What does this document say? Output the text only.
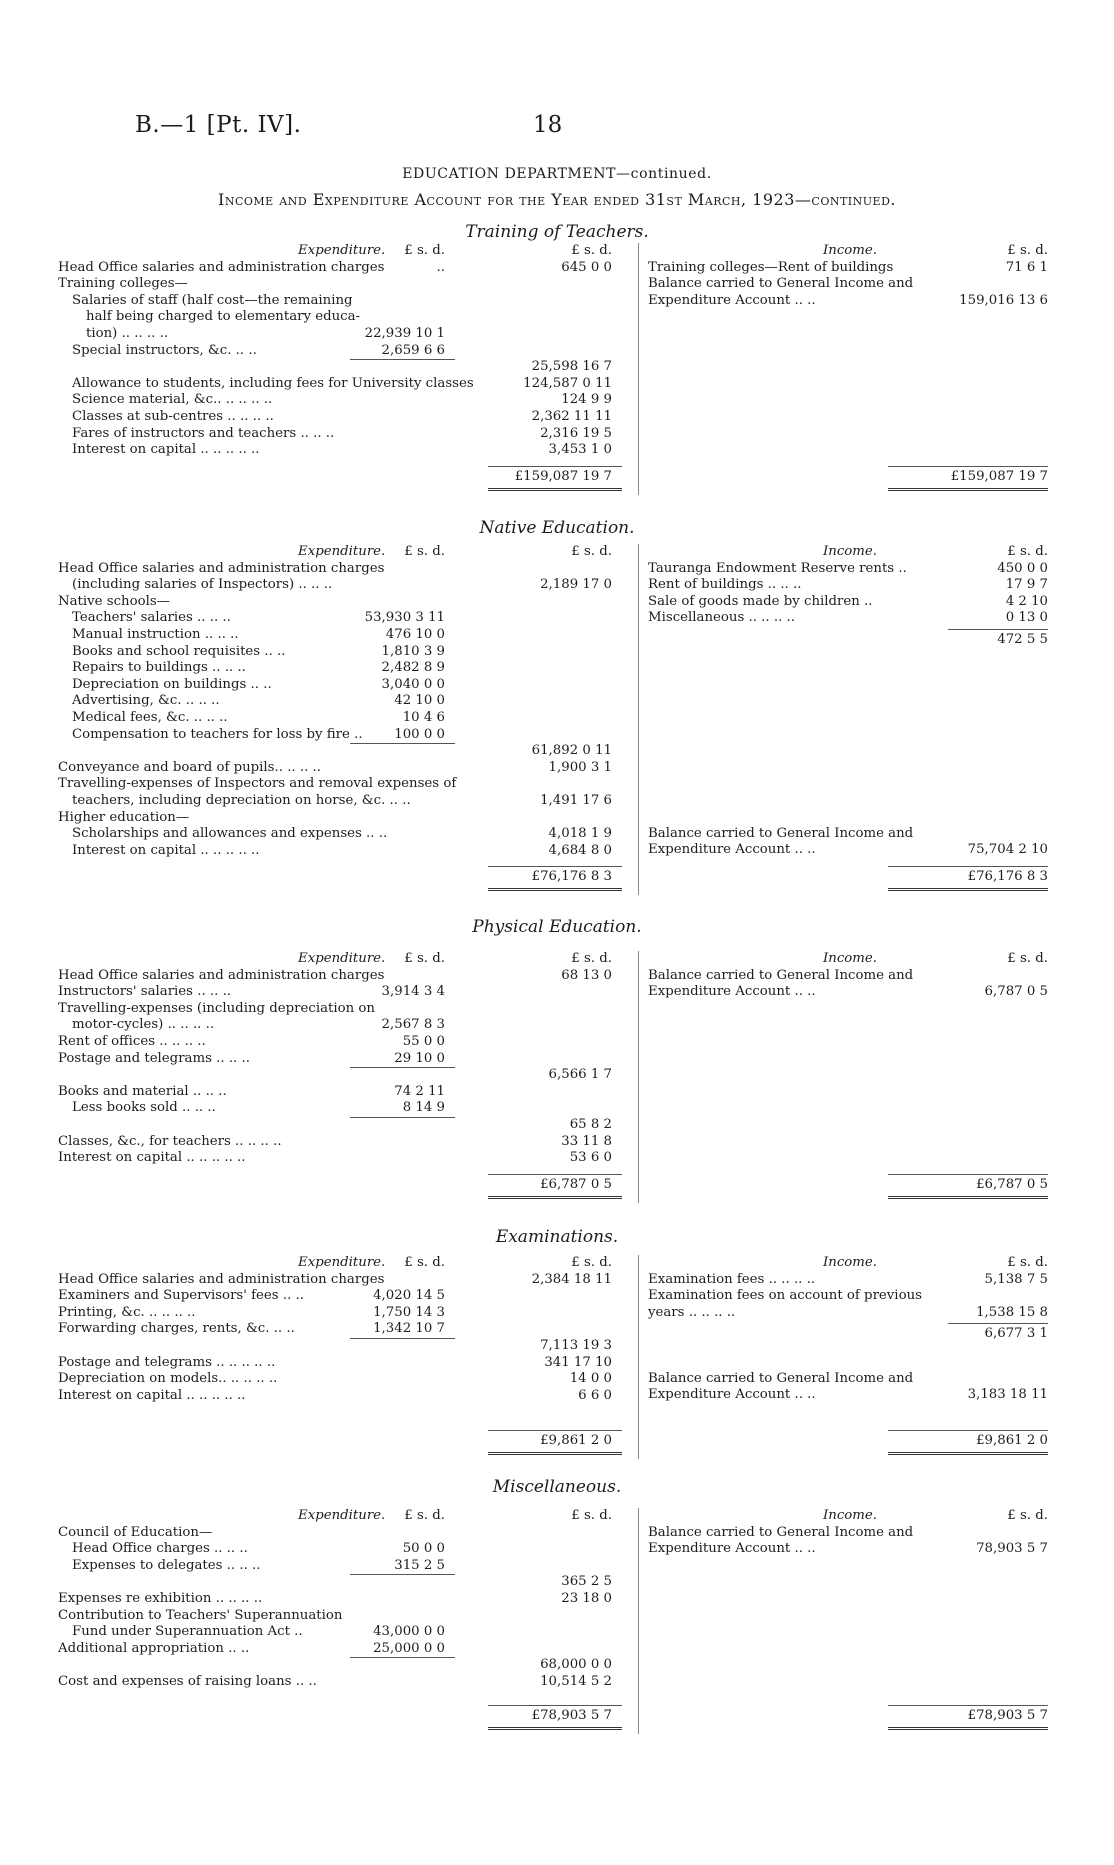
B.—1 [Pt. IV].	18
EDUCATION DEPARTMENT—continued.
Income and Expenditure Account for the Year ended 31st March, 1923—continued.
Training of Teachers.
Expenditure.	£ s. d.	£ s. d.
Head Office salaries and administration charges	..	645 0 0
Training colleges—
Salaries of staff (half cost—the remaining
half being charged to elementary educa-
tion) .. .. .. ..	22,939 10 1
Special instructors, &c. .. ..	2,659 6 6
25,598 16 7
Allowance to students, including fees for University classes	124,587 0 11
Science material, &c.. .. .. .. ..	124 9 9
Classes at sub-centres .. .. .. ..	2,362 11 11
Fares of instructors and teachers .. .. ..	2,316 19 5
Interest on capital .. .. .. .. ..	3,453 1 0
£159,087 19 7
Income.	£ s. d.
Training colleges—Rent of buildings	71 6 1
Balance carried to General Income and
Expenditure Account .. ..	159,016 13 6
£159,087 19 7
Native Education.
Expenditure.	£ s. d.	£ s. d.
Head Office salaries and administration charges
(including salaries of Inspectors) .. .. ..	2,189 17 0
Native schools—
Teachers' salaries .. .. ..	53,930 3 11
Manual instruction .. .. ..	476 10 0
Books and school requisites .. ..	1,810 3 9
Repairs to buildings .. .. ..	2,482 8 9
Depreciation on buildings .. ..	3,040 0 0
Advertising, &c. .. .. ..	42 10 0
Medical fees, &c. .. .. ..	10 4 6
Compensation to teachers for loss by fire ..	100 0 0
61,892 0 11
Conveyance and board of pupils.. .. .. ..	1,900 3 1
Travelling-expenses of Inspectors and removal expenses of
teachers, including depreciation on horse, &c. .. ..	1,491 17 6
Higher education—
Scholarships and allowances and expenses .. ..	4,018 1 9
Interest on capital .. .. .. .. ..	4,684 8 0
£76,176 8 3
Income.	£ s. d.
Tauranga Endowment Reserve rents ..	450 0 0
Rent of buildings .. .. ..	17 9 7
Sale of goods made by children ..	4 2 10
Miscellaneous .. .. .. ..	0 13 0
472 5 5
Balance carried to General Income and
Expenditure Account .. ..	75,704 2 10
£76,176 8 3
Physical Education.
Expenditure.	£ s. d.	£ s. d.
Head Office salaries and administration charges	68 13 0
Instructors' salaries .. .. ..	3,914 3 4
Travelling-expenses (including depreciation on
motor-cycles) .. .. .. ..	2,567 8 3
Rent of offices .. .. .. ..	55 0 0
Postage and telegrams .. .. ..	29 10 0
6,566 1 7
Books and material .. .. ..	74 2 11
Less books sold .. .. ..	8 14 9
65 8 2
Classes, &c., for teachers .. .. .. ..	33 11 8
Interest on capital .. .. .. .. ..	53 6 0
£6,787 0 5
Income.	£ s. d.
Balance carried to General Income and
Expenditure Account .. ..	6,787 0 5
£6,787 0 5
Examinations.
Expenditure.	£ s. d.	£ s. d.
Head Office salaries and administration charges	2,384 18 11
Examiners and Supervisors' fees .. ..	4,020 14 5
Printing, &c. .. .. .. ..	1,750 14 3
Forwarding charges, rents, &c. .. ..	1,342 10 7
7,113 19 3
Postage and telegrams .. .. .. .. ..	341 17 10
Depreciation on models.. .. .. .. ..	14 0 0
Interest on capital .. .. .. .. ..	6 6 0
£9,861 2 0
Income.	£ s. d.
Examination fees .. .. .. ..	5,138 7 5
Examination fees on account of previous
years .. .. .. ..	1,538 15 8
6,677 3 1
Balance carried to General Income and
Expenditure Account .. ..	3,183 18 11
£9,861 2 0
Miscellaneous.
Expenditure.	£ s. d.	£ s. d.
Council of Education—
Head Office charges .. .. ..	50 0 0
Expenses to delegates .. .. ..	315 2 5
365 2 5
Expenses re exhibition .. .. .. ..	23 18 0
Contribution to Teachers' Superannuation
Fund under Superannuation Act ..	43,000 0 0
Additional appropriation .. ..	25,000 0 0
68,000 0 0
Cost and expenses of raising loans .. ..	10,514 5 2
£78,903 5 7
Income.	£ s. d.
Balance carried to General Income and
Expenditure Account .. ..	78,903 5 7
£78,903 5 7
